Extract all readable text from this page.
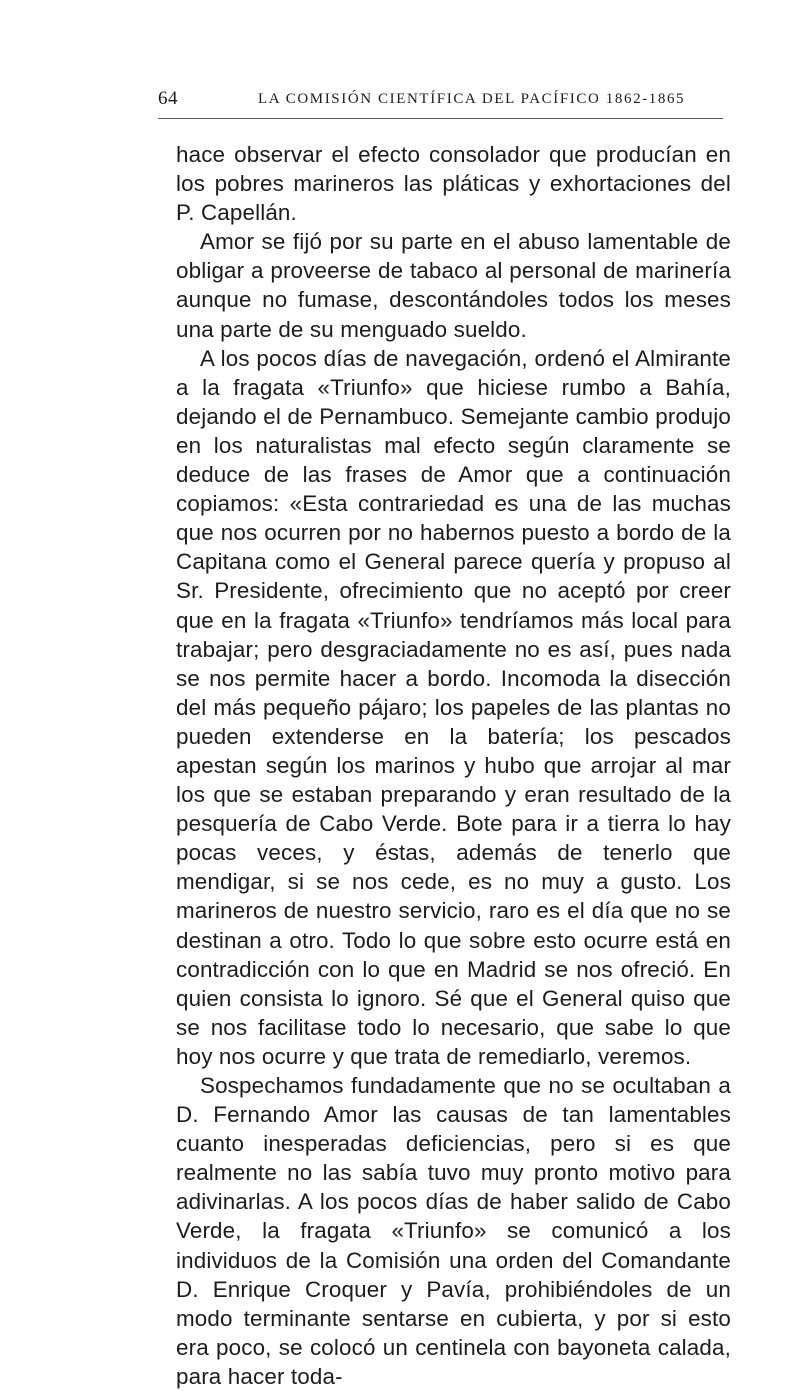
64	LA COMISIÓN CIENTÍFICA DEL PACÍFICO 1862-1865

hace observar el efecto consolador que producían en los pobres marineros las pláticas y exhortaciones del P. Capellán.

Amor se fijó por su parte en el abuso lamentable de obligar a proveerse de tabaco al personal de marinería aunque no fumase, descontándoles todos los meses una parte de su menguado sueldo.

A los pocos días de navegación, ordenó el Almirante a la fragata «Triunfo» que hiciese rumbo a Bahía, dejando el de Pernambuco. Semejante cambio produjo en los naturalistas mal efecto según claramente se deduce de las frases de Amor que a continuación copiamos: «Esta contrariedad es una de las muchas que nos ocurren por no habernos puesto a bordo de la Capitana como el General parece quería y propuso al Sr. Presidente, ofrecimiento que no aceptó por creer que en la fragata «Triunfo» tendríamos más local para trabajar; pero desgraciadamente no es así, pues nada se nos permite hacer a bordo. Incomoda la disección del más pequeño pájaro; los papeles de las plantas no pueden extenderse en la batería; los pescados apestan según los marinos y hubo que arrojar al mar los que se estaban preparando y eran resultado de la pesquería de Cabo Verde. Bote para ir a tierra lo hay pocas veces, y éstas, además de tenerlo que mendigar, si se nos cede, es no muy a gusto. Los marineros de nuestro servicio, raro es el día que no se destinan a otro. Todo lo que sobre esto ocurre está en contradicción con lo que en Madrid se nos ofreció. En quien consista lo ignoro. Sé que el General quiso que se nos facilitase todo lo necesario, que sabe lo que hoy nos ocurre y que trata de remediarlo, veremos.

Sospechamos fundadamente que no se ocultaban a D. Fernando Amor las causas de tan lamentables cuanto inesperadas deficiencias, pero si es que realmente no las sabía tuvo muy pronto motivo para adivinarlas. A los pocos días de haber salido de Cabo Verde, la fragata «Triunfo» se comunicó a los individuos de la Comisión una orden del Comandante D. Enrique Croquer y Pavía, prohibiéndoles de un modo terminante sentarse en cubierta, y por si esto era poco, se colocó un centinela con bayoneta calada, para hacer toda-
